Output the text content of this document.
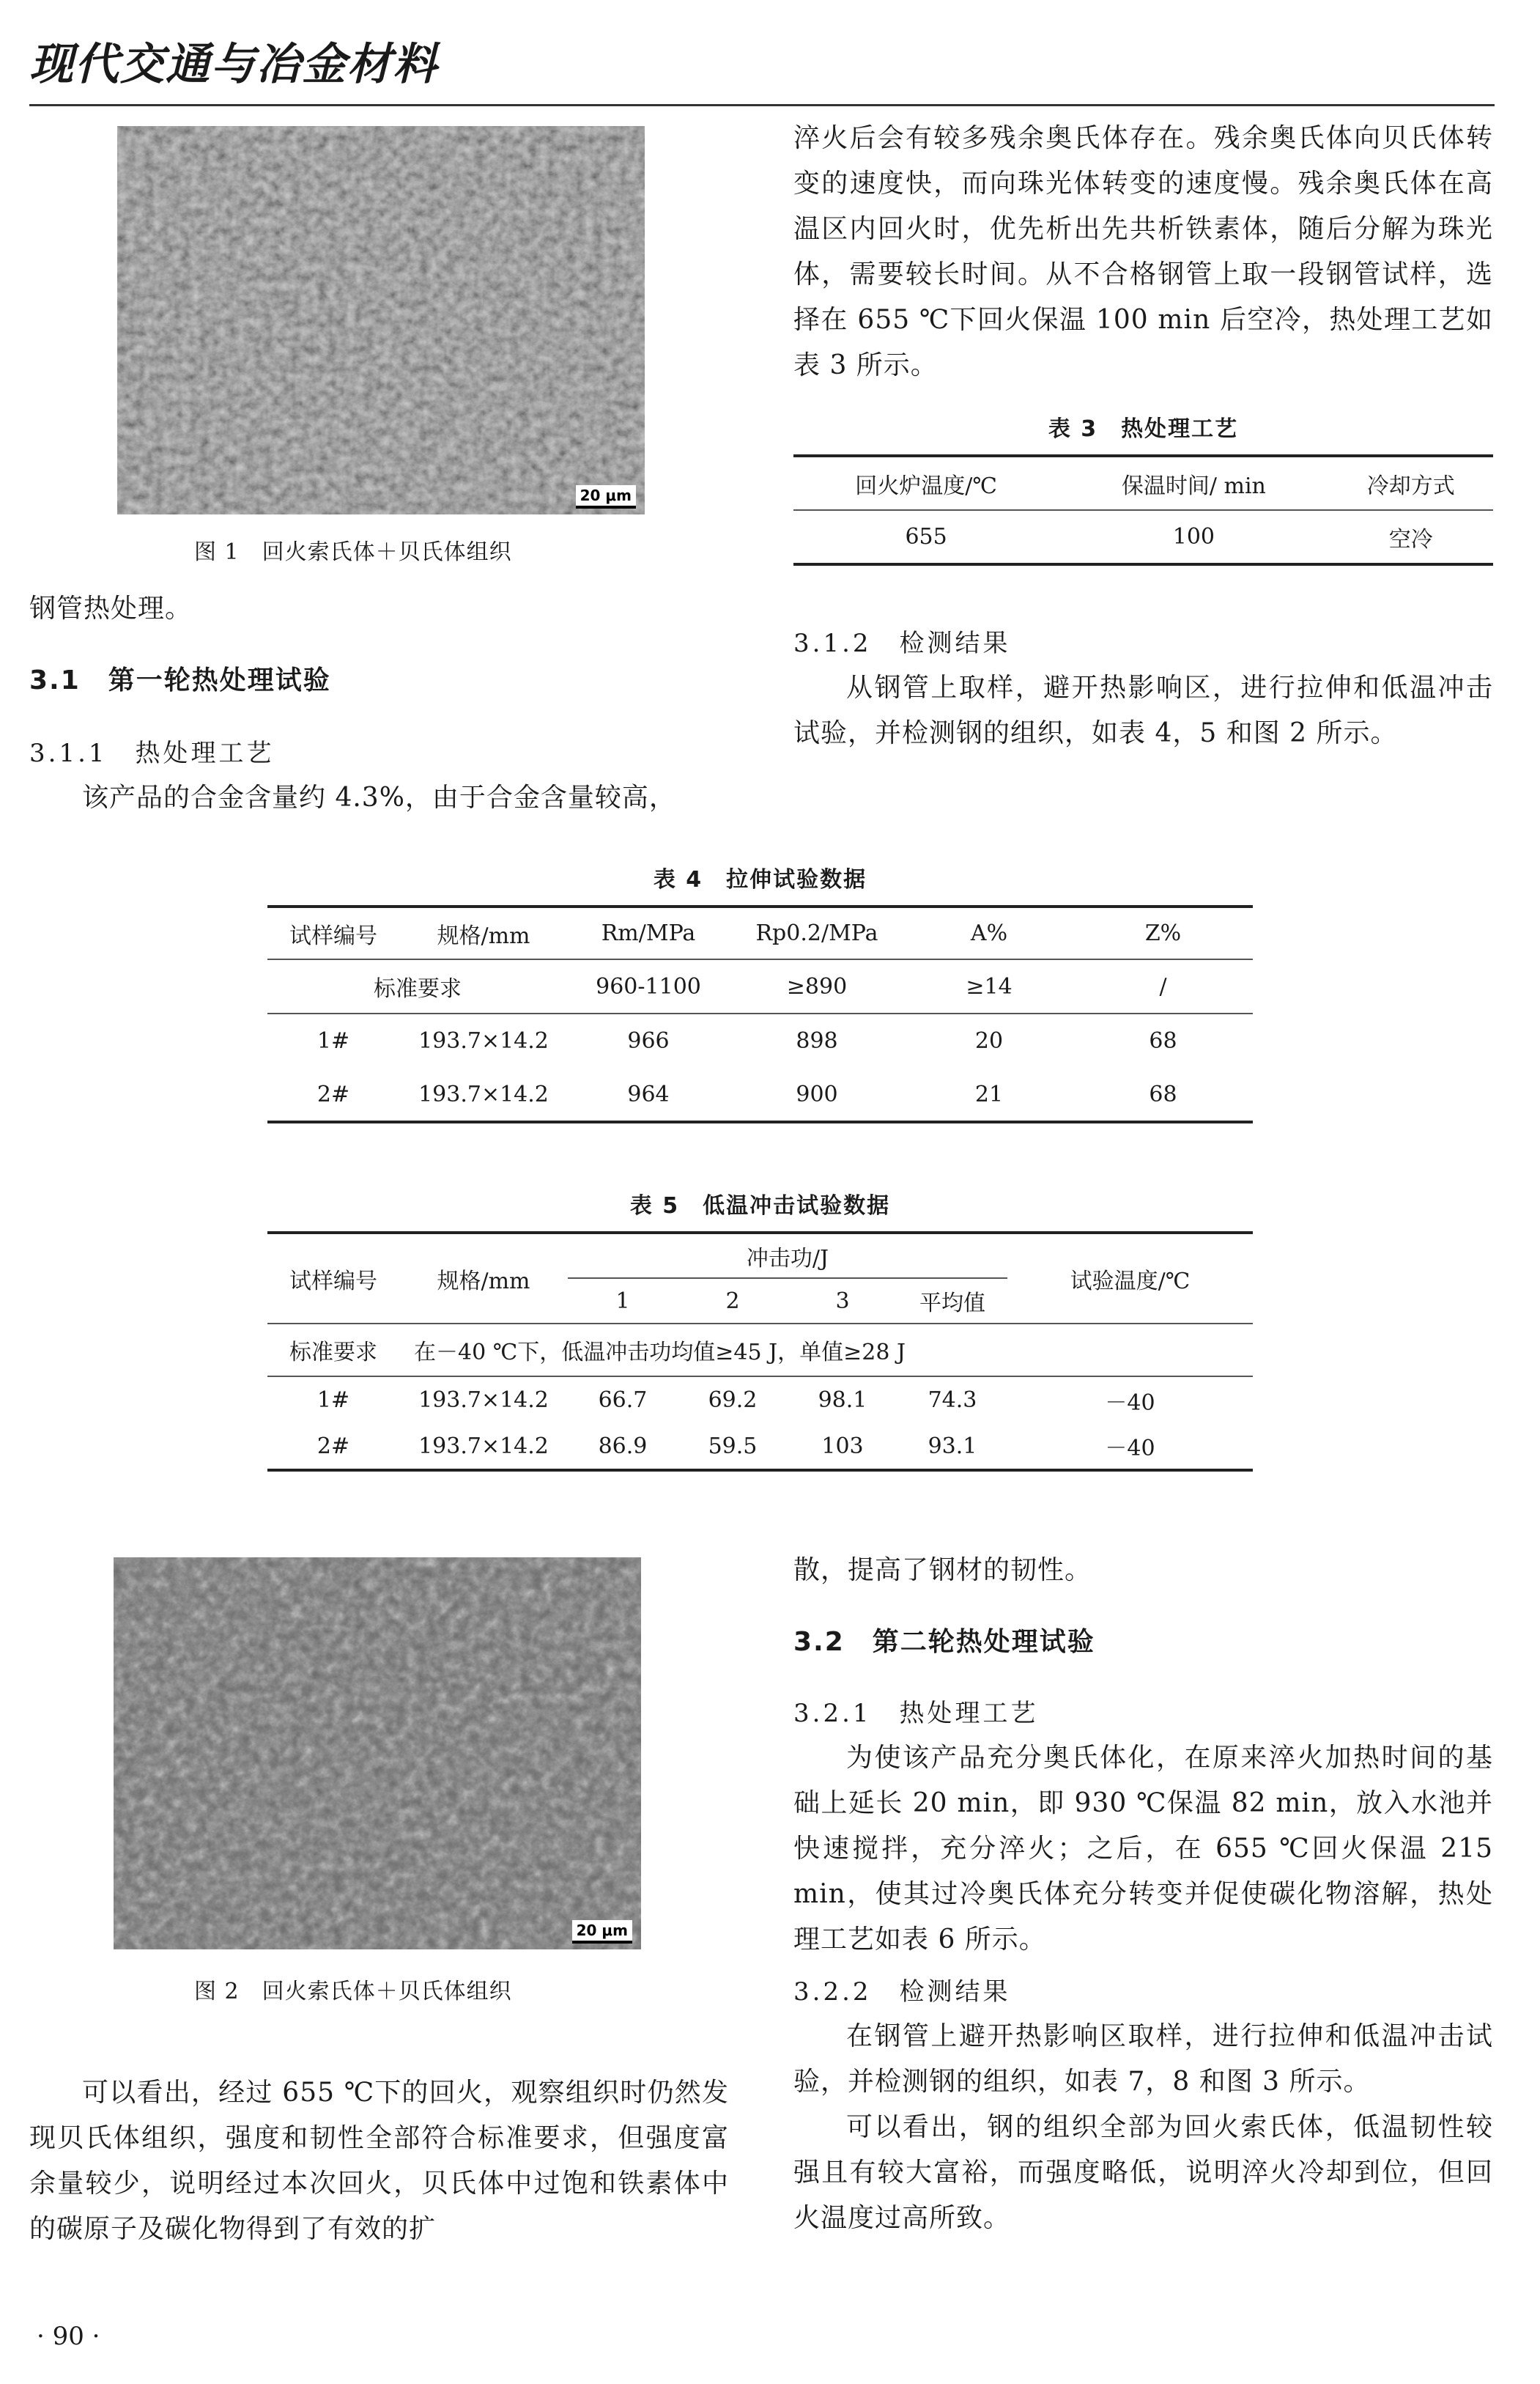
现代交通与冶金材料
20 μm
图 1　回火索氏体＋贝氏体组织

钢管热处理。

3.1　第一轮热处理试验
3.1.1　热处理工艺

该产品的合金含量约 4.3%，由于合金含量较高，

淬火后会有较多残余奥氏体存在。残余奥氏体向贝氏体转变的速度快，而向珠光体转变的速度慢。残余奥氏体在高温区内回火时，优先析出先共析铁素体，随后分解为珠光体，需要较长时间。从不合格钢管上取一段钢管试样，选择在 655 ℃下回火保温 100 min 后空冷，热处理工艺如表 3 所示。

表 3　热处理工艺
回火炉温度/℃	保温时间/ min	冷却方式
655	100	空冷
3.1.2　检测结果

从钢管上取样，避开热影响区，进行拉伸和低温冲击试验，并检测钢的组织，如表 4，5 和图 2 所示。

表 4　拉伸试验数据
试样编号	规格/mm	Rm/MPa	Rp0.2/MPa	A%	Z%
标准要求		960-1100	≥890	≥14	/
1#	193.7×14.2	966	898	20	68
2#	193.7×14.2	964	900	21	68
表 5　低温冲击试验数据
试样编号	规格/mm	冲击功/J				试验温度/℃
		1	2	3	平均值	
标准要求	在－40 ℃下，低温冲击功均值≥45 J，单值≥28 J					
1#	193.7×14.2	66.7	69.2	98.1	74.3	－40
2#	193.7×14.2	86.9	59.5	103	93.1	－40
20 μm
图 2　回火索氏体＋贝氏体组织

可以看出，经过 655 ℃下的回火，观察组织时仍然发现贝氏体组织，强度和韧性全部符合标准要求，但强度富余量较少，说明经过本次回火，贝氏体中过饱和铁素体中的碳原子及碳化物得到了有效的扩

散，提高了钢材的韧性。

3.2　第二轮热处理试验
3.2.1　热处理工艺

为使该产品充分奥氏体化，在原来淬火加热时间的基础上延长 20 min，即 930 ℃保温 82 min，放入水池并快速搅拌，充分淬火；之后，在 655 ℃回火保温 215 min，使其过冷奥氏体充分转变并促使碳化物溶解，热处理工艺如表 6 所示。

3.2.2　检测结果

在钢管上避开热影响区取样，进行拉伸和低温冲击试验，并检测钢的组织，如表 7，8 和图 3 所示。

可以看出，钢的组织全部为回火索氏体，低温韧性较强且有较大富裕，而强度略低，说明淬火冷却到位，但回火温度过高所致。

· 90 ·
